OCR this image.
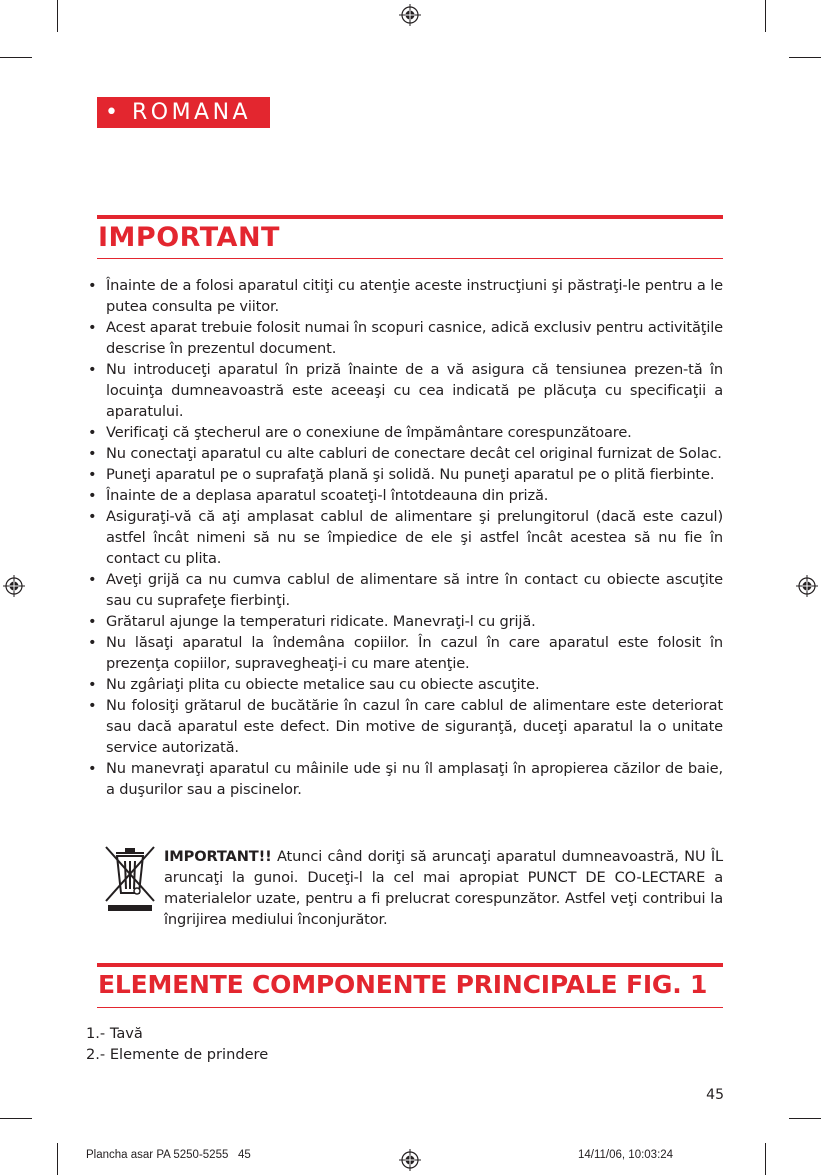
• ROMANA
IMPORTANT
• Înainte de a folosi aparatul citiţi cu atenţie aceste instrucţiuni şi păstraţi-le pentru a le putea consulta pe viitor.
• Acest aparat trebuie folosit numai în scopuri casnice, adică exclusiv pentru activităţile descrise în prezentul document.
• Nu introduceţi aparatul în priză înainte de a vă asigura că tensiunea prezen-tă în locuinţa dumneavoastră este aceeaşi cu cea indicată pe plăcuţa cu specificaţii a aparatului.
• Verificaţi că ştecherul are o conexiune de împământare corespunzătoare.
• Nu conectaţi aparatul cu alte cabluri de conectare decât cel original furnizat de Solac.
• Puneţi aparatul pe o suprafaţă plană şi solidă. Nu puneţi aparatul pe o plită fierbinte.
• Înainte de a deplasa aparatul scoateţi-l întotdeauna din priză.
• Asiguraţi-vă că aţi amplasat cablul de alimentare şi prelungitorul (dacă este cazul) astfel încât nimeni să nu se împiedice de ele şi astfel încât acestea să nu fie în contact cu plita.
• Aveţi grijă ca nu cumva cablul de alimentare să intre în contact cu obiecte ascuţite sau cu suprafeţe fierbinţi.
• Grătarul ajunge la temperaturi ridicate. Manevraţi-l cu grijă.
• Nu lăsaţi aparatul la îndemâna copiilor. În cazul în care aparatul este folosit în prezenţa copiilor, supravegheaţi-i cu mare atenţie.
• Nu zgâriaţi plita cu obiecte metalice sau cu obiecte ascuţite.
• Nu folosiţi grătarul de bucătărie în cazul în care cablul de alimentare este deteriorat sau dacă aparatul este defect. Din motive de siguranţă, duceţi aparatul la o unitate service autorizată.
• Nu manevraţi aparatul cu mâinile ude şi nu îl amplasaţi în apropierea căzilor de baie, a duşurilor sau a piscinelor.
IMPORTANT!! Atunci când doriţi să aruncaţi aparatul dumneavoastră, NU ÎL aruncaţi la gunoi. Duceţi-l la cel mai apropiat PUNCT DE CO-LECTARE a materialelor uzate, pentru a fi prelucrat corespunzător. Astfel veţi contribui la îngrijirea mediului înconjurător.
ELEMENTE COMPONENTE PRINCIPALE FIG. 1
1.- Tavă
2.- Elemente de prindere
45
Plancha asar PA 5250-5255   45	14/11/06, 10:03:24
